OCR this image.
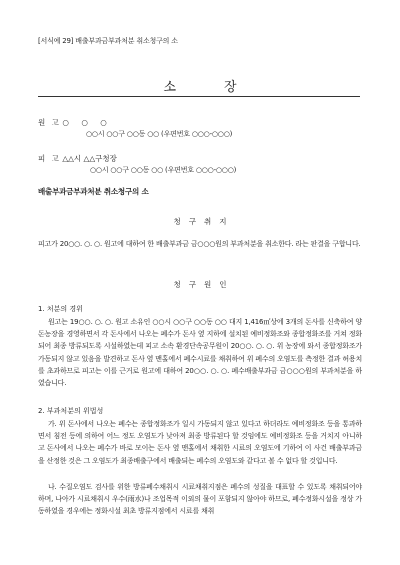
[서식예 29] 배출부과금부과처분 취소청구의 소
소	장
원 고 ○ ○ ○
○○시 ○○구 ○○동 ○○ (우편번호 ○○○-○○○)
피 고 △△시 △△구청장
○○시 ○○구 ○○동 ○○ (우편번호 ○○○-○○○)
배출부과금부과처분 취소청구의 소
청 구 취 지
피고가 20○○. ○. ○. 원고에 대하여 한 배출부과금 금○○○원의 부과처분을 취소한다. 라는 판결을 구합니다.
청 구 원 인
1. 처분의 경위
원고는 19○○. ○. ○. 원고 소유인 ○○시 ○○구 ○○동 ○○ 대지 1,416㎡상에 3개의 돈사를 신축하여 양돈농장을 경영하면서 각 돈사에서 나오는 폐수가 돈사 옆 지하에 설치된 예비정화조와 종합정화조를 거쳐 정화되어 최종 방류되도록 시설하였는데 피고 소속 환경단속공무원이 20○○. ○. ○. 위 농장에 와서 종합정화조가 가동되지 않고 있음을 발견하고 돈사 옆 맨홀에서 폐수시료를 채취하여 위 폐수의 오염도를 측정한 결과 허용치를 초과하므로 피고는 이를 근거로 원고에 대하여 20○○. ○. ○. 폐수배출부과금 금○○○원의 부과처분을 하였습니다.
2. 부과처분의 위법성
가. 위 돈사에서 나오는 폐수는 종합정화조가 일시 가동되지 않고 있다고 하더라도 예비정화조 등을 통과하면서 침전 등에 의하여 어느 정도 오염도가 낮아져 최종 방류된다 할 것임에도 예비정화조 등을 거치지 아니하고 돈사에서 나오는 폐수가 바로 모이는 돈사 옆 맨홀에서 채취한 시료의 오염도에 기하여 이 사건 배출부과금을 산정한 것은 그 오염도가 최종배출구에서 배출되는 폐수의 오염도와 같다고 볼 수 없다 할 것입니다.
나. 수질오염도 검사를 위한 방류폐수채취시 시료채취지점은 폐수의 성질을 대표할 수 있도록 채취되어야 하며, 나아가 시료채취시 우수(雨水)나 조업목적 이외의 물이 포함되지 않아야 하므로, 폐수정화시설을 정상 가동하였을 경우에는 정화시설 최초 방류지점에서 시료를 채취
